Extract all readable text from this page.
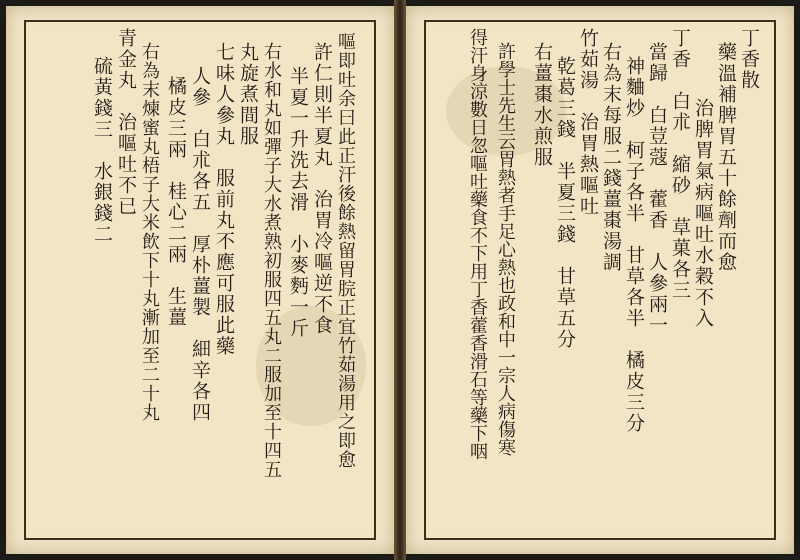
丁香散
藥溫補脾胃五十餘劑而愈
治脾胃氣病嘔吐水穀不入
丁香　白朮　縮砂　草菓各三
當歸　白荳蔻　藿香　人參兩一
神麯炒　柯子各半　甘草各半　橘皮三分
右為末每服二錢薑棗湯調
竹茹湯　治胃熱嘔吐
乾葛三錢　半夏三錢　甘草五分
右薑棗水煎服
許學士先生云胃熱者手足心熱也政和中一宗人病傷寒
得汗身涼數日忽嘔吐藥食不下用丁香藿香滑石等藥下咽
嘔即吐余曰此正汗後餘熱留胃脘正宜竹茹湯用之即愈
許仁則半夏丸　治胃冷嘔逆不食
半夏一升洗去滑　小麥麪一斤
右水和丸如彈子大水煮熟初服四五丸二服加至十四五
丸旋煮間服
七味人參丸　服前丸不應可服此藥
人參　白朮各五　厚朴薑製　細辛各四
橘皮三兩　桂心二兩　生薑
右為末煉蜜丸梧子大米飲下十丸漸加至二十丸
青金丸　治嘔吐不已
硫黃錢三　水銀錢二
